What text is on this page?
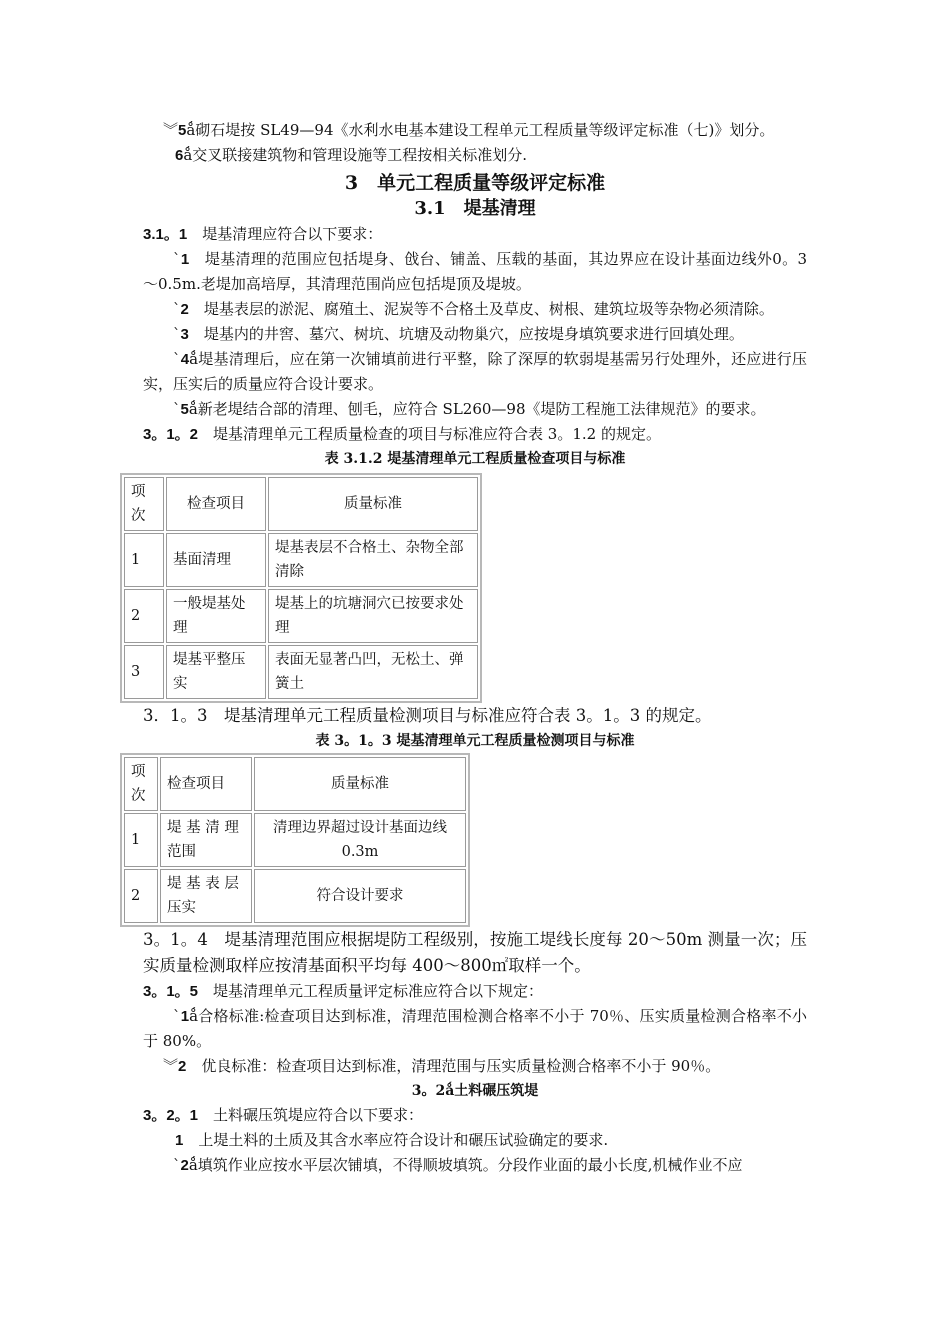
︾5ǻ砌石堤按 SL49—94《水利水电基本建设工程单元工程质量等级评定标准（七)》划分。

6ǻ交叉联接建筑物和管理设施等工程按相关标准划分.

3　单元工程质量等级评定标准

3.1　堤基清理

3.1。1　堤基清理应符合以下要求：

ˋ1　堤基清理的范围应包括堤身、戗台、铺盖、压载的基面，其边界应在设计基面边线外0。3～0.5m.老堤加高培厚，其清理范围尚应包括堤顶及堤坡。

ˋ2　堤基表层的淤泥、腐殖土、泥炭等不合格土及草皮、树根、建筑垃圾等杂物必须清除。

ˋ3　堤基内的井窖、墓穴、树坑、坑塘及动物巢穴，应按堤身填筑要求进行回填处理。

ˋ4ǻ堤基清理后，应在第一次铺填前进行平整，除了深厚的软弱堤基需另行处理外，还应进行压实，压实后的质量应符合设计要求。

ˋ5ǻ新老堤结合部的清理、刨毛，应符合 SL260—98《堤防工程施工法律规范》的要求。

3。1。2　堤基清理单元工程质量检查的项目与标准应符合表 3。1.2 的规定。

表 3.1.2 堤基清理单元工程质量检查项目与标准

项次	检查项目	质量标准
1	基面清理	堤基表层不合格土、杂物全部清除
2	一般堤基处理	堤基上的坑塘洞穴已按要求处理
3	堤基平整压实	表面无显著凸凹，无松土、弹簧土

3．1。3　堤基清理单元工程质量检测项目与标准应符合表 3。1。3 的规定。

表 3。1。3 堤基清理单元工程质量检测项目与标准

项次	检查项目	质量标准
1	堤 基 清 理 范围	清理边界超过设计基面边线 0.3m
2	堤 基 表 层 压实	符合设计要求

3。1。4　堤基清理范围应根据堤防工程级别，按施工堤线长度每 20～50m 测量一次；压实质量检测取样应按清基面积平均每 400～800㎡取样一个。

3。1。5　堤基清理单元工程质量评定标准应符合以下规定：

ˋ1ǻ合格标准:检查项目达到标准，清理范围检测合格率不小于 70％、压实质量检测合格率不小于 80%。

︾2　优良标准：检查项目达到标准，清理范围与压实质量检测合格率不小于 90％。

3。2ǻ土料碾压筑堤

3。2。1　土料碾压筑堤应符合以下要求：

1　上堤土料的土质及其含水率应符合设计和碾压试验确定的要求.

ˋ2ǻ填筑作业应按水平层次铺填，不得顺坡填筑。分段作业面的最小长度,机械作业不应
